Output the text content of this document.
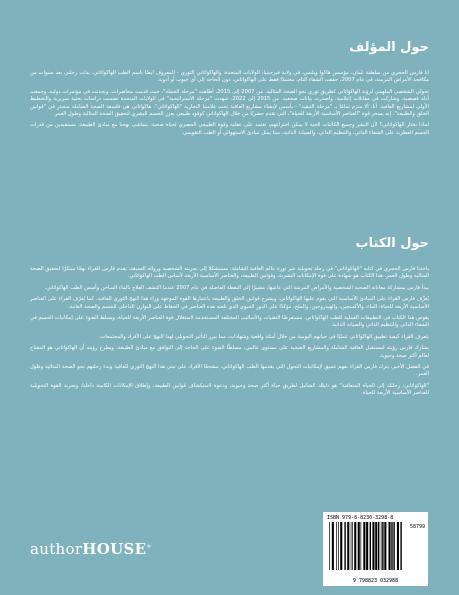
حول المؤلف

أنا فارس الحجري من سلطنة عُمان، مؤسس هاكوا ويلنس، في ولاية فيرجينيا، الولايات المتحدة، والهاكواثاني الثوري - المعروف أيضًا باسم الطب الهاكواثاني. بدأت رحلتي بعد سنوات من مكافحة الأمراض المزمنة، في عام 2007، حققت الشفاء التام، معتمدًا فقط على الهاكواثاني، دون الحاجة إلى أي جيوب أو أدوية.

تحولي الشخصي الملهمي لرؤية الهاكواثاني كطريق ثوري نحو الصحة المثالية. من 2007 إلى 2015، أطلقت "مرحلة الحملة"، حيث قدمت محاضرات، وتحدثت في مؤتمرات دولية، وجمعت أدلة قصصية، وشاركت في مقابلات إعلامية، وأصدرت بيانات صحفية. من 2015 إلى 2022، شهدت "مرحلة الاستراتيجية" في الولايات المتحدة تضمنت دراسات بحثية سريرية والتخطيط الأولي لمشاريع العافية. أنا، ألا متزم تمامًا بـ "مرحلة التنفيذ" - بأسس لإنشاء مشاريع العافية تحت علامتنا التجارية "الهاكواثاني". هاكواثاني هي فلسفة الصحة الشاملة متجذر في "قوانين الخلق والطبيعة". إنه يسخر قوة "العناصر الأساسية الأربعة للحياة"، التي تقدم حصريًا من خلال الهاكواثاني كوقود طبيعي يعزز الجسم البشري لتحقيق الصحة المثالية وطول العمر.

لماذا نختار الهاكواثاني؟ لأن البشر وجميع الكائنات الحية لا يمكن اختراعهم، تعتمد على عقلية وقوة الطبيعي الحصري لحياة صحية. يتماشى نهجنا مع مبادئ الطبيعة، مستفيدين من قدرات الجسم الفطرية على الشفاء الذاتي، والتنظيم الذاتي، والصيانة الذاتية، مما يمثل مبادئ الاستهوائي أو الطب التقويمي.

حول الكتاب

يأخذنا فارس الحجري في كتابه "الهاكواثاني" في رحلة تحويلية عبر ثورة عالم العافية الشاملة، مستشكلًا إلى تجربته الشخصية وروائه العميقة، يقدم فارس للقراء نهجًا مبتكرًا لتحقيق الصحة المثالية وطول العمر. هذا الكتاب هو شهادة على قوة الإمكانات البشرية، وقوانين الطبيعة، والعناصر الأساسية الأربعة لأساس الطب الهاكواثاني.

يبدأ فارس بمشاركة معاناته الصحية الشخصية والأمراض المزمنة التي عاشها، مشيرًا إلى النقطة الفاصلة في عام 2007 عندما اكتشف العلاج بالماء الساخن وأسس الطب الهاكواثاني.

يُعرِّف فارس القراء على المبادئ الأساسية التي يقوم عليها الهاكواثاني، ويشرح قوانين الخلق والطبيعة باعتبارها القوة الموجهة وراء هذا النهج الثوري للعافية. كما يُعرّف القراء على العناصر الأساسية الأربعة للحياة: الماء، والأكسجين، والهيدروجين، والملح، مؤكدًا على الدور الحيوي الذي تلعبه هذه العناصر في الحفاظ على التوازن الداخلي للجسم والصحة العامة.

يغوص هذا الكتاب في التطبيقات العملية للطب الهاكواثاني، مستعرضًا التقنيات والأساليب المختلفة المستخدمة لاستغلال قوة العناصر الأربعة للحياة، ويسلط الضوء على إمكانيات الجسم في الشفاء الذاتي والتنظيم الذاتي والصيانة الذاتية.

يتعرف القراء كيفية تطبيق الهاكواثاني عمليًا في حياتهم اليومية من خلال أمثلة واقعية وشهادات، مما يبرز التأثير التحويلي لهذا النهج على الأفراد والمجتمعات.

يشارك فارس رؤيته لمستقبل العافية الشاملة والمشاريع الصحية على مستوى عالمي، مسلطًا الضوء على الحاجة إلى التوافق مع مبادئ الطبيعة، ويطرح رؤيته أن الهاكواثاني هو المفتاح لعالم أكثر صحة وحيوية.

في الفصل الأخير، يترك فارس القراء بفهم عميق لإمكانيات التحول التي يقدمها الطب الهاكواثاني، مشجعًا الأفراد على تبني هذا النهج الثوري للعافية وبدء رحلتهم نحو الصحة المثالية وطول العمر.

"الهاكواثاني: رحلتك إلى الحياة المتعافية" هو دليلك الشامل لطريق حياة أكثر صحة وحيوية، ودعوة لاستكشاف قوانين الطبيعة، وإطلاق الإمكانات الكامنة داخلنا، وتجربة القوة التحويلية للعناصر الأساسية الأربعة للحياة.

authorHOUSE®
ISBN 979-8-8230-3298-8
58799
9 798823 032988
